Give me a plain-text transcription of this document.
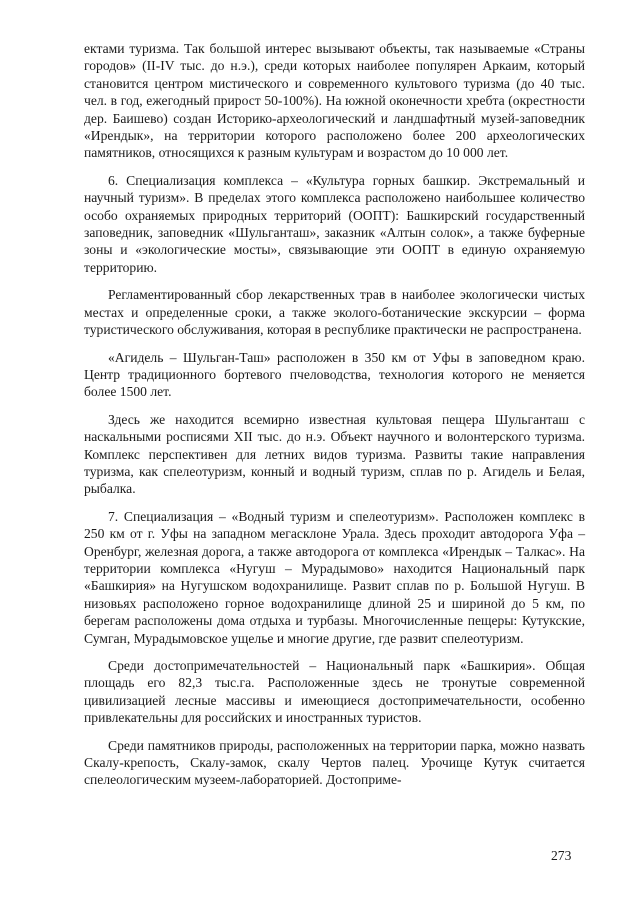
ектами туризма. Так большой интерес вызывают объекты, так называемые «Страны городов» (II-IV тыс. до н.э.), среди которых наиболее популярен Аркаим, который становится центром мистического и современного культового туризма (до 40 тыс. чел. в год, ежегодный прирост 50-100%). На южной оконечности хребта (окрестности дер. Баишево) создан Историко-археологический и ландшафтный музей-заповедник «Ирендык», на территории которого расположено более 200 археологических памятников, относящихся к разным культурам и возрастом до 10 000 лет.

6. Специализация комплекса – «Культура горных башкир. Экстремальный и научный туризм». В пределах этого комплекса расположено наибольшее количество особо охраняемых природных территорий (ООПТ): Башкирский государственный заповедник, заповедник «Шульганташ», заказник «Алтын солок», а также буферные зоны и «экологические мосты», связывающие эти ООПТ в единую охраняемую территорию.

Регламентированный сбор лекарственных трав в наиболее экологически чистых местах и определенные сроки, а также эколого-ботанические экскурсии – форма туристического обслуживания, которая в республике практически не распространена.

«Агидель – Шульган-Таш» расположен в 350 км от Уфы в заповедном краю. Центр традиционного бортевого пчеловодства, технология которого не меняется более 1500 лет.

Здесь же находится всемирно известная культовая пещера Шульганташ с наскальными росписями XII тыс. до н.э. Объект научного и волонтерского туризма. Комплекс перспективен для летних видов туризма. Развиты такие направления туризма, как спелеотуризм, конный и водный туризм, сплав по р. Агидель и Белая, рыбалка.

7. Специализация – «Водный туризм и спелеотуризм». Расположен комплекс в 250 км от г. Уфы на западном мегасклоне Урала. Здесь проходит автодорога Уфа – Оренбург, железная дорога, а также автодорога от комплекса «Ирендык – Талкас». На территории комплекса «Нугуш – Мурадымово» находится Национальный парк «Башкирия» на Нугушском водохранилище. Развит сплав по р. Большой Нугуш. В низовьях расположено горное водохранилище длиной 25 и шириной до 5 км, по берегам расположены дома отдыха и турбазы. Многочисленные пещеры: Кутукские, Сумган, Мурадымовское ущелье и многие другие, где развит спелеотуризм.

Среди достопримечательностей – Национальный парк «Башкирия». Общая площадь его 82,3 тыс.га. Расположенные здесь не тронутые современной цивилизацией лесные массивы и имеющиеся достопримечательности, особенно привлекательны для российских и иностранных туристов.

Среди памятников природы, расположенных на территории парка, можно назвать Скалу-крепость, Скалу-замок, скалу Чертов палец. Урочище Кутук считается спелеологическим музеем-лабораторией. Достоприме-

273
